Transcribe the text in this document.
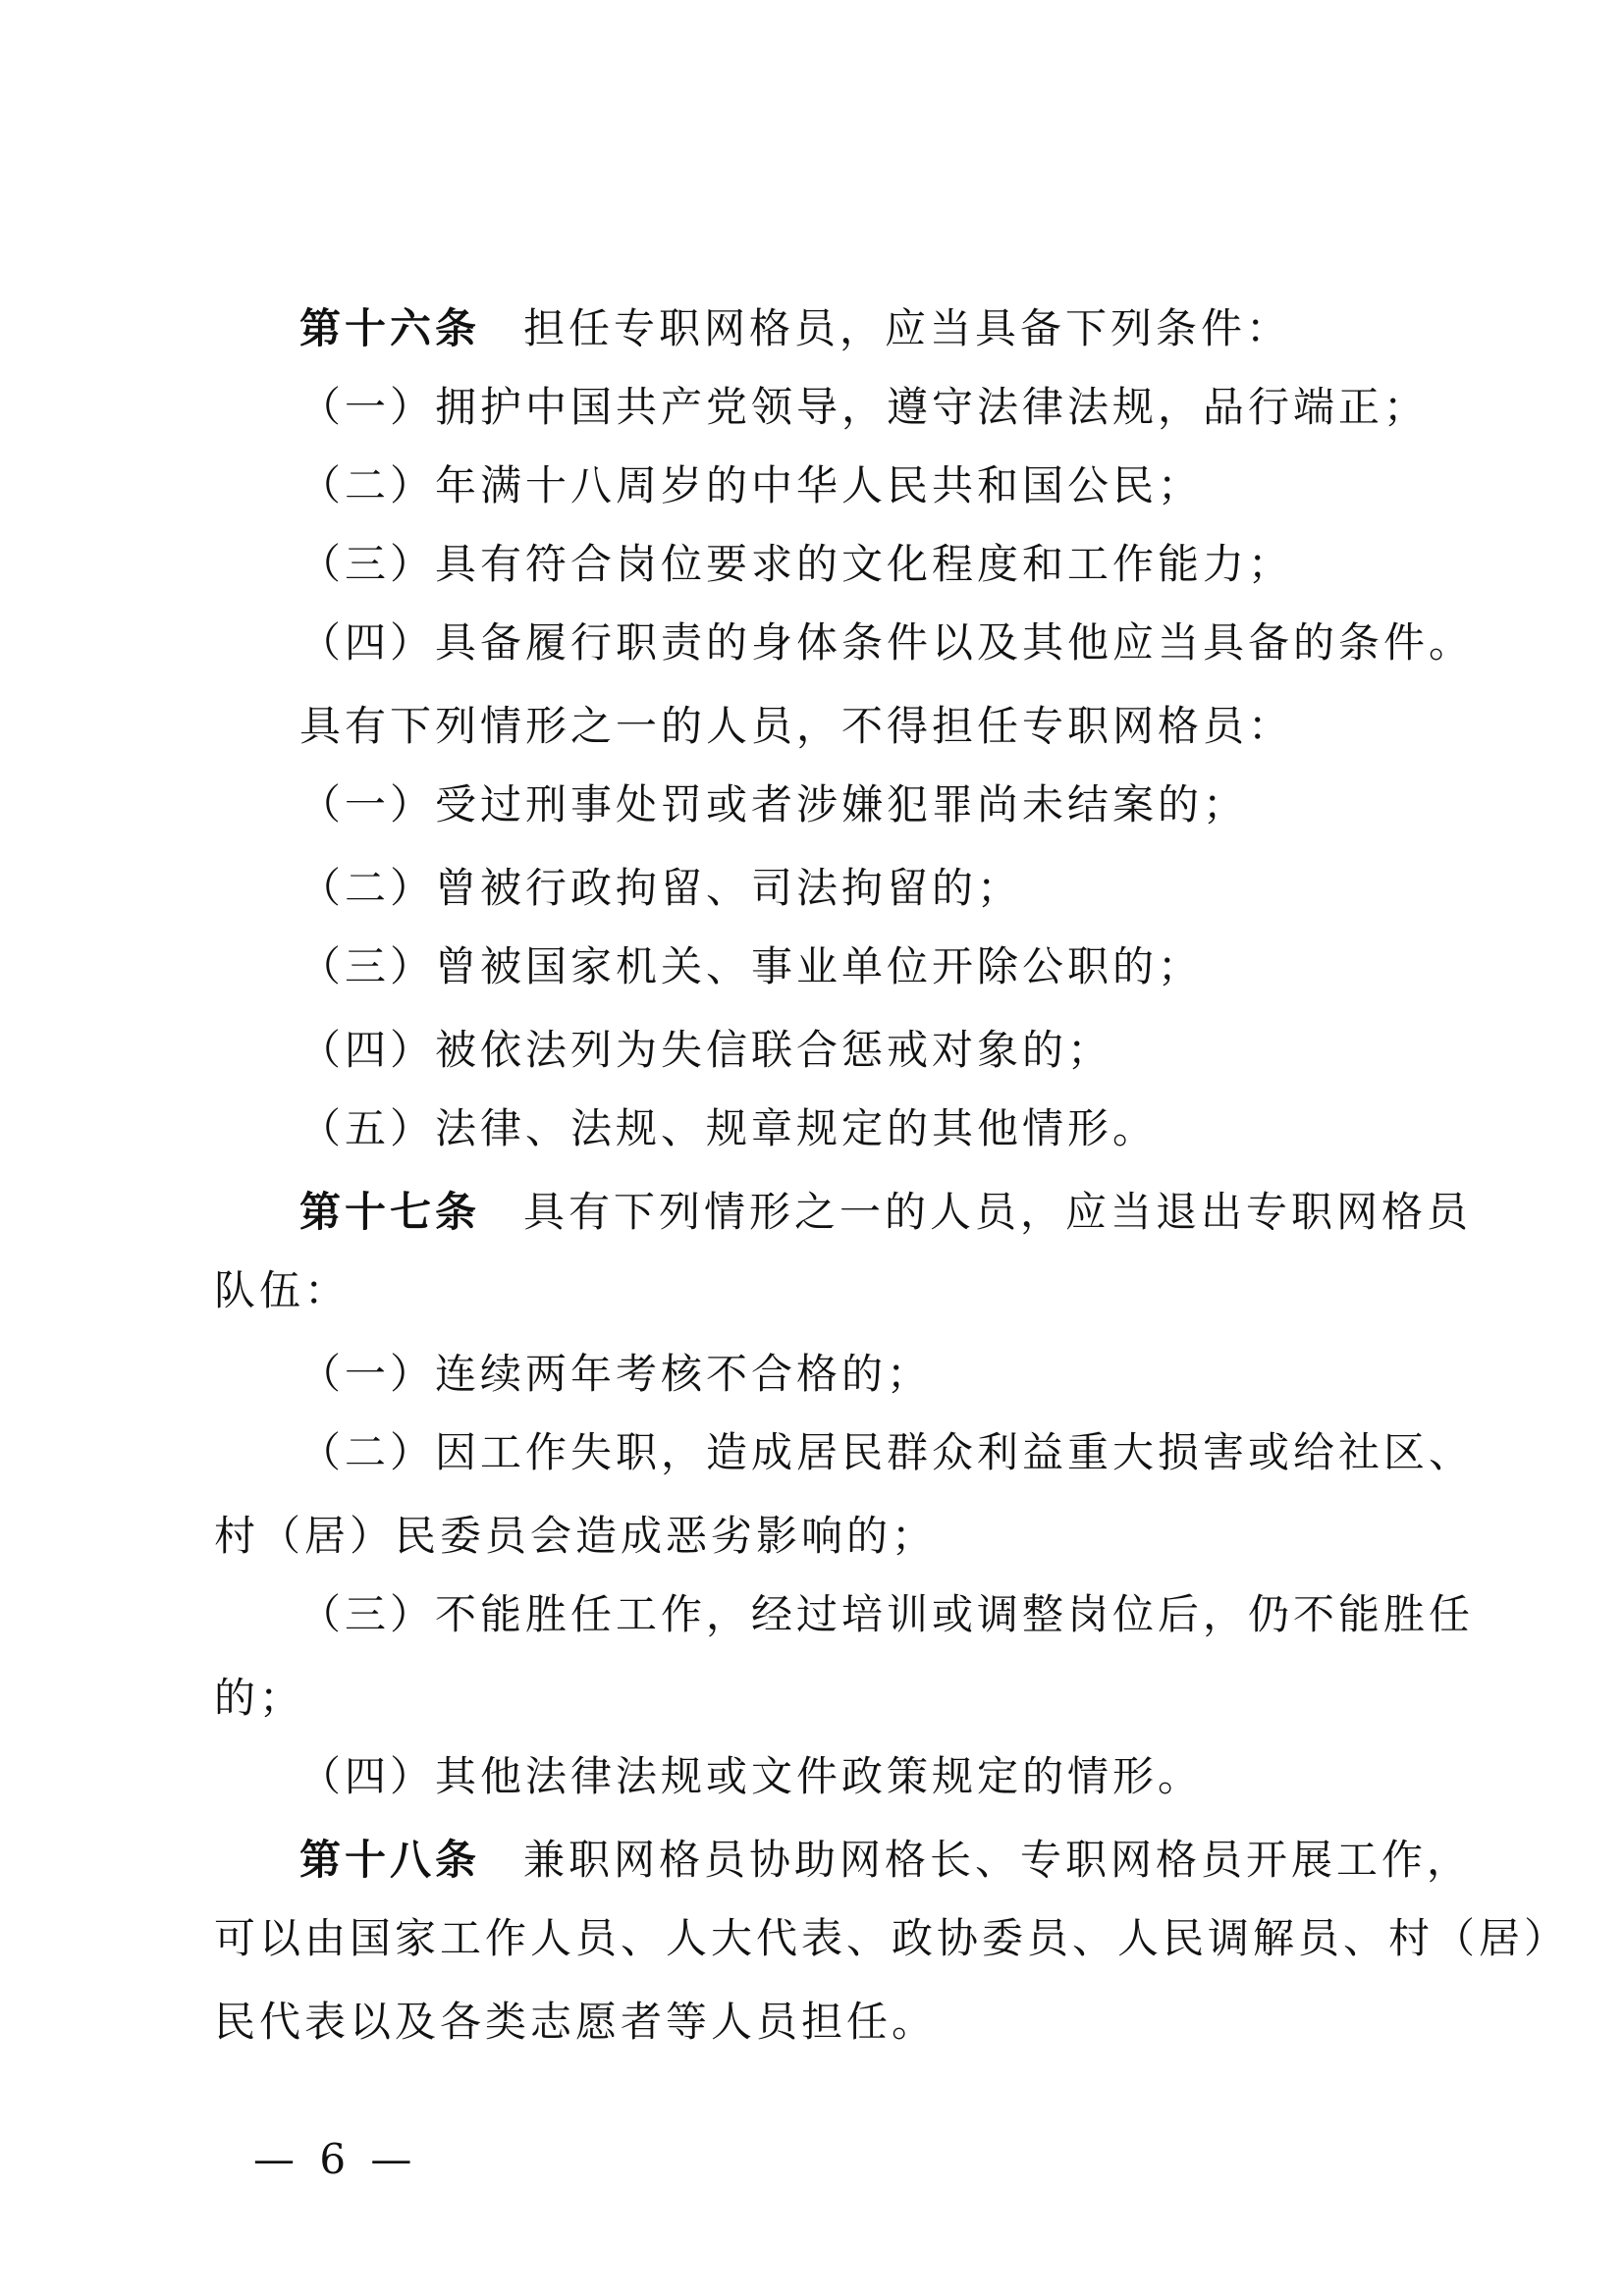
第十六条 担任专职网格员，应当具备下列条件：
（一）拥护中国共产党领导，遵守法律法规，品行端正；
（二）年满十八周岁的中华人民共和国公民；
（三）具有符合岗位要求的文化程度和工作能力；
（四）具备履行职责的身体条件以及其他应当具备的条件。
具有下列情形之一的人员，不得担任专职网格员：
（一）受过刑事处罚或者涉嫌犯罪尚未结案的；
（二）曾被行政拘留、司法拘留的；
（三）曾被国家机关、事业单位开除公职的；
（四）被依法列为失信联合惩戒对象的；
（五）法律、法规、规章规定的其他情形。
第十七条 具有下列情形之一的人员，应当退出专职网格员
队伍：
（一）连续两年考核不合格的；
（二）因工作失职，造成居民群众利益重大损害或给社区、
村（居）民委员会造成恶劣影响的；
（三）不能胜任工作，经过培训或调整岗位后，仍不能胜任
的；
（四）其他法律法规或文件政策规定的情形。
第十八条 兼职网格员协助网格长、专职网格员开展工作，
可以由国家工作人员、人大代表、政协委员、人民调解员、村（居）
民代表以及各类志愿者等人员担任。
— 6 —
